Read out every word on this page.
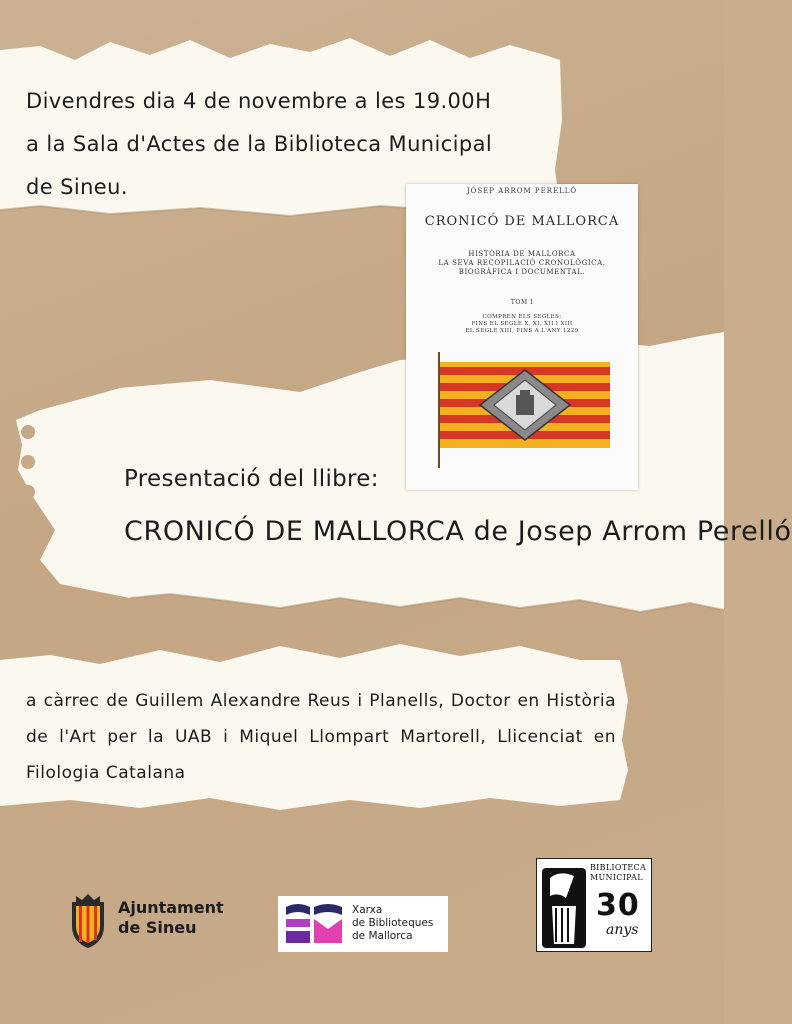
Divendres dia 4 de novembre a les 19.00H
a la Sala d'Actes de la Biblioteca Municipal
de Sineu.	JOSEP ARROM PERELLÓ
CRONICÓ DE MALLORCA
HISTÒRIA DE MALLORCA
LA SEVA RECOPILACIÓ CRONOLÒGICA,
BIOGRÀFICA I DOCUMENTAL.
TOM I
COMPREN ELS SEGLES:
FINS EL SEGLE X, XI, XII I XIII
EL SEGLE XIII, FINS A L'ANY 1229
Presentació del llibre:
CRONICÓ DE MALLORCA de Josep Arrom Perelló
a càrrec de Guillem Alexandre Reus i Planells, Doctor en Història de l'Art per la UAB i Miquel Llompart Martorell, Llicenciat en Filologia Catalana
Ajuntament
de Sineu
Xarxa
de Biblioteques
de Mallorca
BIBLIOTECA
MUNICIPAL
30
anys
